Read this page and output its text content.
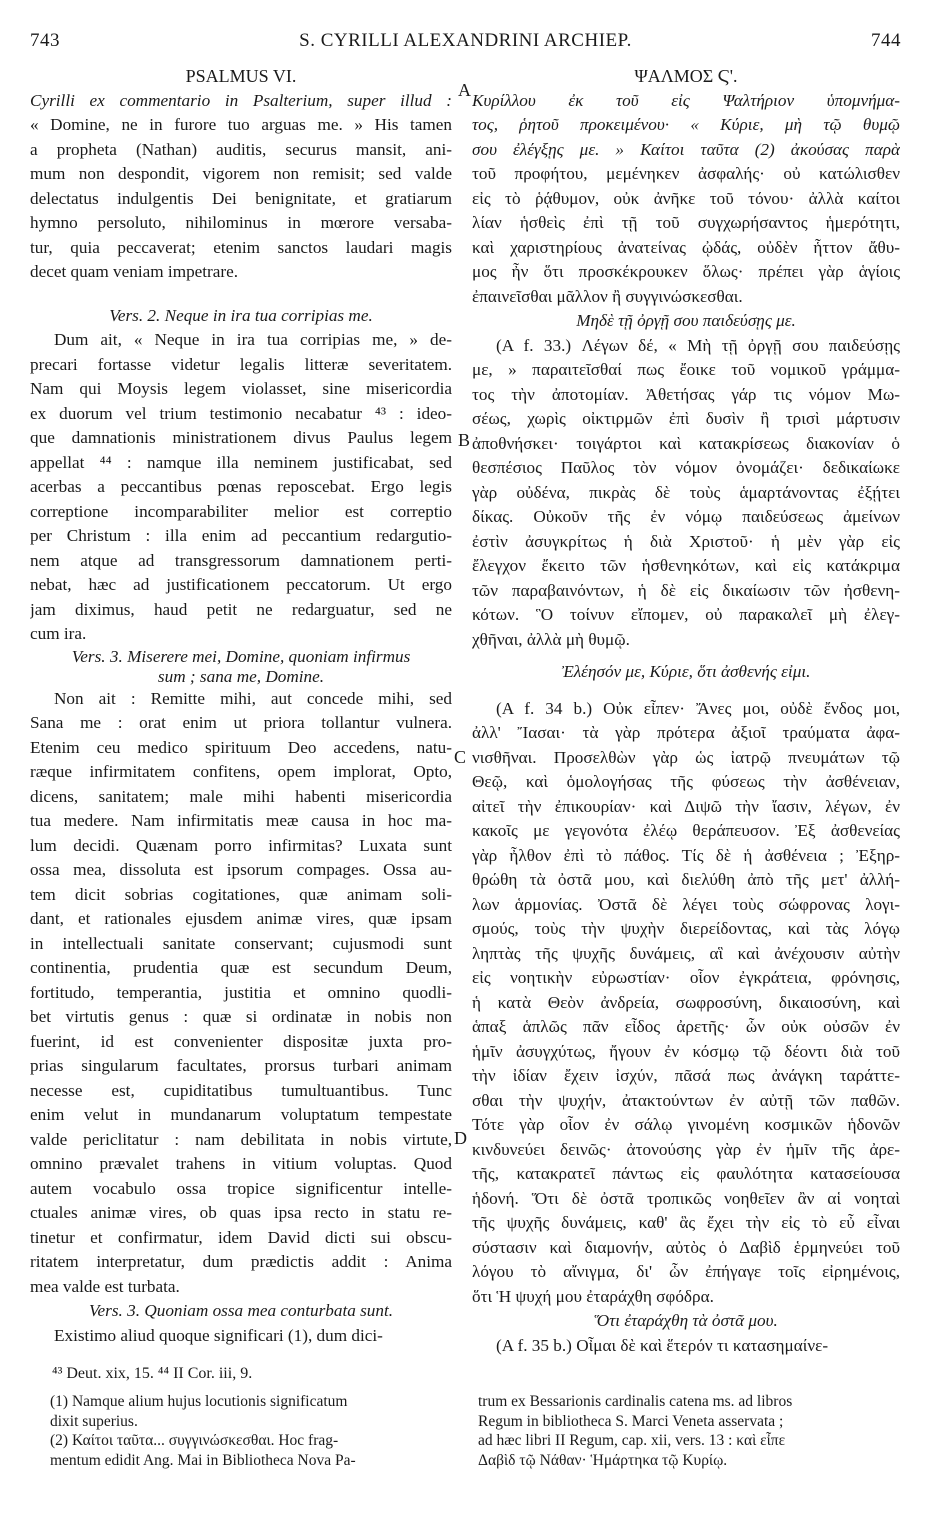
743	S. CYRILLI ALEXANDRINI ARCHIEP.	744
PSALMUS VI.
Cyrilli ex commentario in Psalterium, super illud :
« Domine, ne in furore tuo arguas me. » His tamen
a propheta (Nathan) auditis, securus mansit, ani-
mum non despondit, vigorem non remisit; sed valde
delectatus indulgentis Dei benignitate, et gratiarum
hymno persoluto, nihilominus in mœrore versaba-
tur, quia peccaverat; etenim sanctos laudari magis
decet quam veniam impetrare.
Vers. 2. Neque in ira tua corripias me.
Dum ait, « Neque in ira tua corripias me, » de-
precari fortasse videtur legalis litteræ severitatem.
Nam qui Moysis legem violasset, sine misericordia
ex duorum vel trium testimonio necabatur ⁴³ : ideo-
que damnationis ministrationem divus Paulus legem
appellat ⁴⁴ : namque illa neminem justificabat, sed
acerbas a peccantibus pœnas reposcebat. Ergo legis
correptione incomparabiliter melior est correptio
per Christum : illa enim ad peccantium redargutio-
nem atque ad transgressorum damnationem perti-
nebat, hæc ad justificationem peccatorum. Ut ergo
jam diximus, haud petit ne redarguatur, sed ne
cum ira.
Vers. 3. Miserere mei, Domine, quoniam infirmus
sum ; sana me, Domine.
Non ait : Remitte mihi, aut concede mihi, sed
Sana me : orat enim ut priora tollantur vulnera.
Etenim ceu medico spirituum Deo accedens, natu-
ræque infirmitatem confitens, opem implorat, Opto,
dicens, sanitatem; male mihi habenti misericordia
tua medere. Nam infirmitatis meæ causa in hoc ma-
lum decidi. Quænam porro infirmitas? Luxata sunt
ossa mea, dissoluta est ipsorum compages. Ossa au-
tem dicit sobrias cogitationes, quæ animam soli-
dant, et rationales ejusdem animæ vires, quæ ipsam
in intellectuali sanitate conservant; cujusmodi sunt
continentia, prudentia quæ est secundum Deum,
fortitudo, temperantia, justitia et omnino quodli-
bet virtutis genus : quæ si ordinatæ in nobis non
fuerint, id est convenienter dispositæ juxta pro-
prias singularum facultates, prorsus turbari animam
necesse est, cupiditatibus tumultuantibus. Tunc
enim velut in mundanarum voluptatum tempestate
valde periclitatur : nam debilitata in nobis virtute,
omnino prævalet trahens in vitium voluptas. Quod
autem vocabulo ossa tropice significentur intelle-
ctuales animæ vires, ob quas ipsa recto in statu re-
tinetur et confirmatur, idem David dicti sui obscu-
ritatem interpretatur, dum prædictis addit : Anima
mea valde est turbata.
Vers. 3. Quoniam ossa mea conturbata sunt.
Existimo aliud quoque significari (1), dum dici-
⁴³ Deut. xix, 15. ⁴⁴ II Cor. iii, 9.
ΨΑΛΜΟΣ Ϛ'.
Κυρίλλου ἐκ τοῦ εἰς Ψαλτήριον ὑπομνήμα-
τος, ῥητοῦ προκειμένου· « Κύριε, μὴ τῷ θυμῷ
σου ἐλέγξῃς με. » Καίτοι ταῦτα (2) ἀκούσας παρὰ
τοῦ προφήτου, μεμένηκεν ἀσφαλής· οὐ κατώλισθεν
εἰς τὸ ῥᾴθυμον, οὐκ ἀνῆκε τοῦ τόνου· ἀλλὰ καίτοι
λίαν ἡσθεὶς ἐπὶ τῇ τοῦ συγχωρήσαντος ἡμερότητι,
καὶ χαριστηρίους ἀνατείνας ᾠδάς, οὐδὲν ἧττον ἄθυ-
μος ἦν ὅτι προσκέκρουκεν ὅλως· πρέπει γὰρ ἁγίοις
ἐπαινεῖσθαι μᾶλλον ἢ συγγινώσκεσθαι.
Μηδὲ τῇ ὀργῇ σου παιδεύσῃς με.
(A f. 33.) Λέγων δέ, « Μὴ τῇ ὀργῇ σου παιδεύσῃς
με, » παραιτεῖσθαί πως ἔοικε τοῦ νομικοῦ γράμμα-
τος τὴν ἀποτομίαν. Ἀθετήσας γάρ τις νόμον Μω-
σέως, χωρὶς οἰκτιρμῶν ἐπὶ δυσὶν ἢ τρισὶ μάρτυσιν
ἀποθνήσκει· τοιγάρτοι καὶ κατακρίσεως διακονίαν ὁ
θεσπέσιος Παῦλος τὸν νόμον ὀνομάζει· δεδικαίωκε
γὰρ οὐδένα, πικρὰς δὲ τοὺς ἁμαρτάνοντας ἐξῄτει
δίκας. Οὐκοῦν τῆς ἐν νόμῳ παιδεύσεως ἀμείνων
ἐστὶν ἀσυγκρίτως ἡ διὰ Χριστοῦ· ἡ μὲν γὰρ εἰς
ἔλεγχον ἔκειτο τῶν ἡσθενηκότων, καὶ εἰς κατάκριμα
τῶν παραβαινόντων, ἡ δὲ εἰς δικαίωσιν τῶν ἠσθενη-
κότων. Ὃ τοίνυν εἴπομεν, οὐ παρακαλεῖ μὴ ἐλεγ-
χθῆναι, ἀλλὰ μὴ θυμῷ.
Ἐλέησόν με, Κύριε, ὅτι ἀσθενής εἰμι.
(A f. 34 b.) Οὐκ εἶπεν· Ἄνες μοι, οὐδὲ ἔνδος μοι,
ἀλλ' Ἴασαι· τὰ γὰρ πρότερα ἀξιοῖ τραύματα ἀφα-
νισθῆναι. Προσελθὼν γὰρ ὡς ἰατρῷ πνευμάτων τῷ
Θεῷ, καὶ ὁμολογήσας τῆς φύσεως τὴν ἀσθένειαν,
αἰτεῖ τὴν ἐπικουρίαν· καὶ Διψῶ τὴν ἴασιν, λέγων, ἐν
κακοῖς με γεγονότα ἐλέῳ θεράπευσον. Ἐξ ἀσθενείας
γὰρ ἦλθον ἐπὶ τὸ πάθος. Τίς δὲ ἡ ἀσθένεια ; Ἐξηρ-
θρώθη τὰ ὀστᾶ μου, καὶ διελύθη ἀπὸ τῆς μετ' ἀλλή-
λων ἁρμονίας. Ὀστᾶ δὲ λέγει τοὺς σώφρονας λογι-
σμούς, τοὺς τὴν ψυχὴν διερείδοντας, καὶ τὰς λόγῳ
ληπτὰς τῆς ψυχῆς δυνάμεις, αἳ καὶ ἀνέχουσιν αὐτὴν
εἰς νοητικὴν εὐρωστίαν· οἷον ἐγκράτεια, φρόνησις,
ἡ κατὰ Θεὸν ἀνδρεία, σωφροσύνη, δικαιοσύνη, καὶ
ἁπαξ ἁπλῶς πᾶν εἶδος ἀρετῆς· ὧν οὐκ οὐσῶν ἐν
ἡμῖν ἀσυγχύτως, ἤγουν ἐν κόσμῳ τῷ δέοντι διὰ τοῦ
τὴν ἰδίαν ἔχειν ἰσχύν, πᾶσά πως ἀνάγκη ταράττε-
σθαι τὴν ψυχήν, ἀτακτούντων ἐν αὐτῇ τῶν παθῶν.
Τότε γὰρ οἷον ἐν σάλῳ γινομένη κοσμικῶν ἡδονῶν
κινδυνεύει δεινῶς· ἀτονούσης γὰρ ἐν ἡμῖν τῆς ἀρε-
τῆς, κατακρατεῖ πάντως εἰς φαυλότητα κατασείουσα
ἡδονή. Ὅτι δὲ ὀστᾶ τροπικῶς νοηθεῖεν ἂν αἱ νοηταὶ
τῆς ψυχῆς δυνάμεις, καθ' ἃς ἔχει τὴν εἰς τὸ εὖ εἶναι
σύστασιν καὶ διαμονήν, αὐτὸς ὁ Δαβὶδ ἑρμηνεύει τοῦ
λόγου τὸ αἴνιγμα, δι' ὧν ἐπήγαγε τοῖς εἰρημένοις,
ὅτι Ἡ ψυχή μου ἐταράχθη σφόδρα.
Ὅτι ἐταράχθη τὰ ὀστᾶ μου.
(A f. 35 b.) Οἶμαι δὲ καὶ ἕτερόν τι κατασημαίνε-
A
B
C
D
(1) Namque alium hujus locutionis significatum
dixit superius.
(2) Καίτοι ταῦτα... συγγινώσκεσθαι. Hoc frag-
mentum edidit Ang. Mai in Bibliotheca Nova Pa-
trum ex Bessarionis cardinalis catena ms. ad libros
Regum in bibliotheca S. Marci Veneta asservata ;
ad hæc libri II Regum, cap. xii, vers. 13 : καὶ εἶπε
Δαβὶδ τῷ Νάθαν· Ἡμάρτηκα τῷ Κυρίῳ.
